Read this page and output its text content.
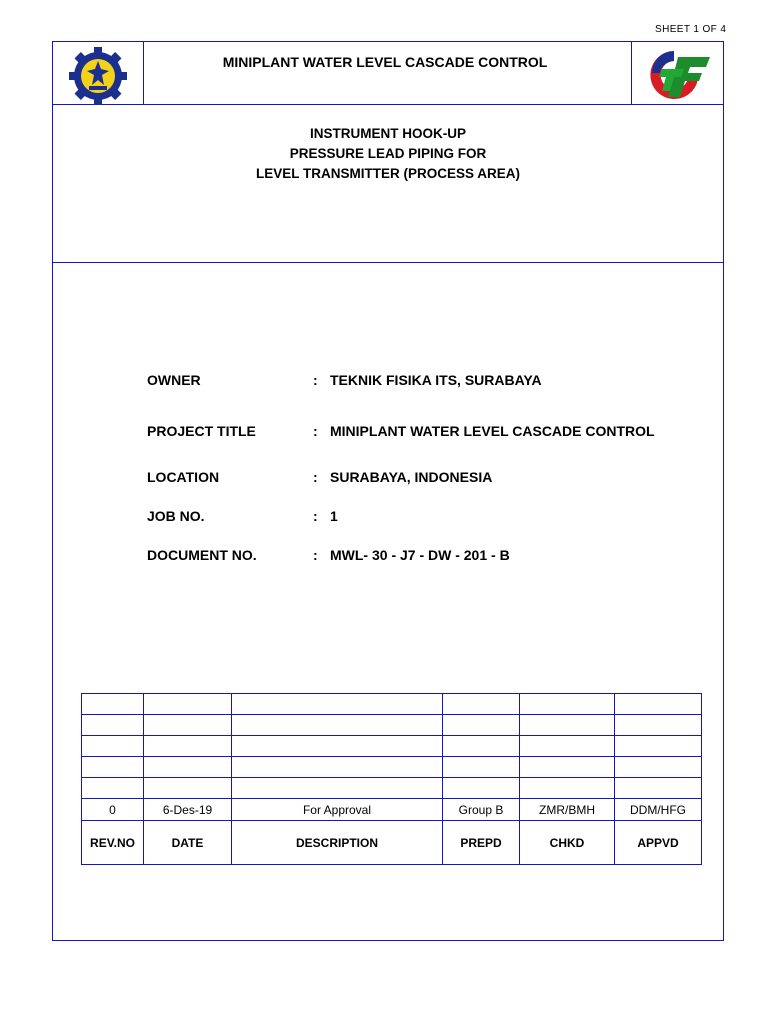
SHEET 1 OF 4
MINIPLANT WATER LEVEL CASCADE CONTROL
INSTRUMENT HOOK-UP
PRESSURE LEAD PIPING FOR
LEVEL TRANSMITTER (PROCESS AREA)
OWNER	: TEKNIK FISIKA ITS, SURABAYA
PROJECT TITLE	: MINIPLANT WATER LEVEL CASCADE CONTROL
LOCATION	: SURABAYA, INDONESIA
JOB NO.	: 1
DOCUMENT NO.	: MWL- 30 - J7 - DW - 201 - B

0	6-Des-19	For Approval	Group B	ZMR/BMH	DDM/HFG
REV.NO	DATE	DESCRIPTION	PREPD	CHKD	APPVD
